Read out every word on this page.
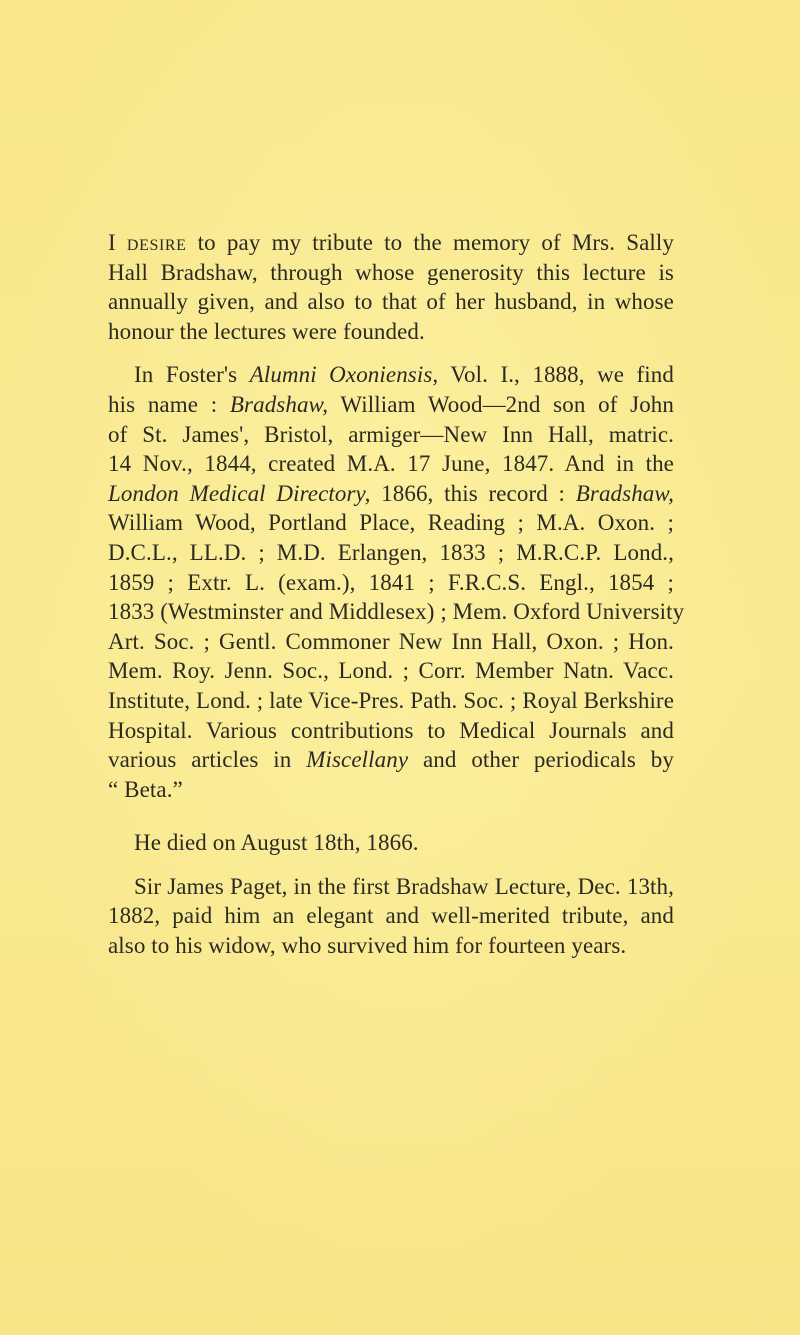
I desire to pay my tribute to the memory of Mrs. Sally
Hall Bradshaw, through whose generosity this lecture is
annually given, and also to that of her husband, in whose
honour the lectures were founded.

In Foster's Alumni Oxoniensis, Vol. I., 1888, we find
his name : Bradshaw, William Wood—2nd son of John
of St. James', Bristol, armiger—New Inn Hall, matric.
14 Nov., 1844, created M.A. 17 June, 1847. And in the
London Medical Directory, 1866, this record : Bradshaw,
William Wood, Portland Place, Reading ; M.A. Oxon. ;
D.C.L., LL.D. ; M.D. Erlangen, 1833 ; M.R.C.P. Lond.,
1859 ; Extr. L. (exam.), 1841 ; F.R.C.S. Engl., 1854 ;
1833 (Westminster and Middlesex) ; Mem. Oxford University
Art. Soc. ; Gentl. Commoner New Inn Hall, Oxon. ; Hon.
Mem. Roy. Jenn. Soc., Lond. ; Corr. Member Natn. Vacc.
Institute, Lond. ; late Vice-Pres. Path. Soc. ; Royal Berkshire
Hospital. Various contributions to Medical Journals and
various articles in Miscellany and other periodicals by
“ Beta.”

He died on August 18th, 1866.

Sir James Paget, in the first Bradshaw Lecture, Dec. 13th,
1882, paid him an elegant and well-merited tribute, and
also to his widow, who survived him for fourteen years.
